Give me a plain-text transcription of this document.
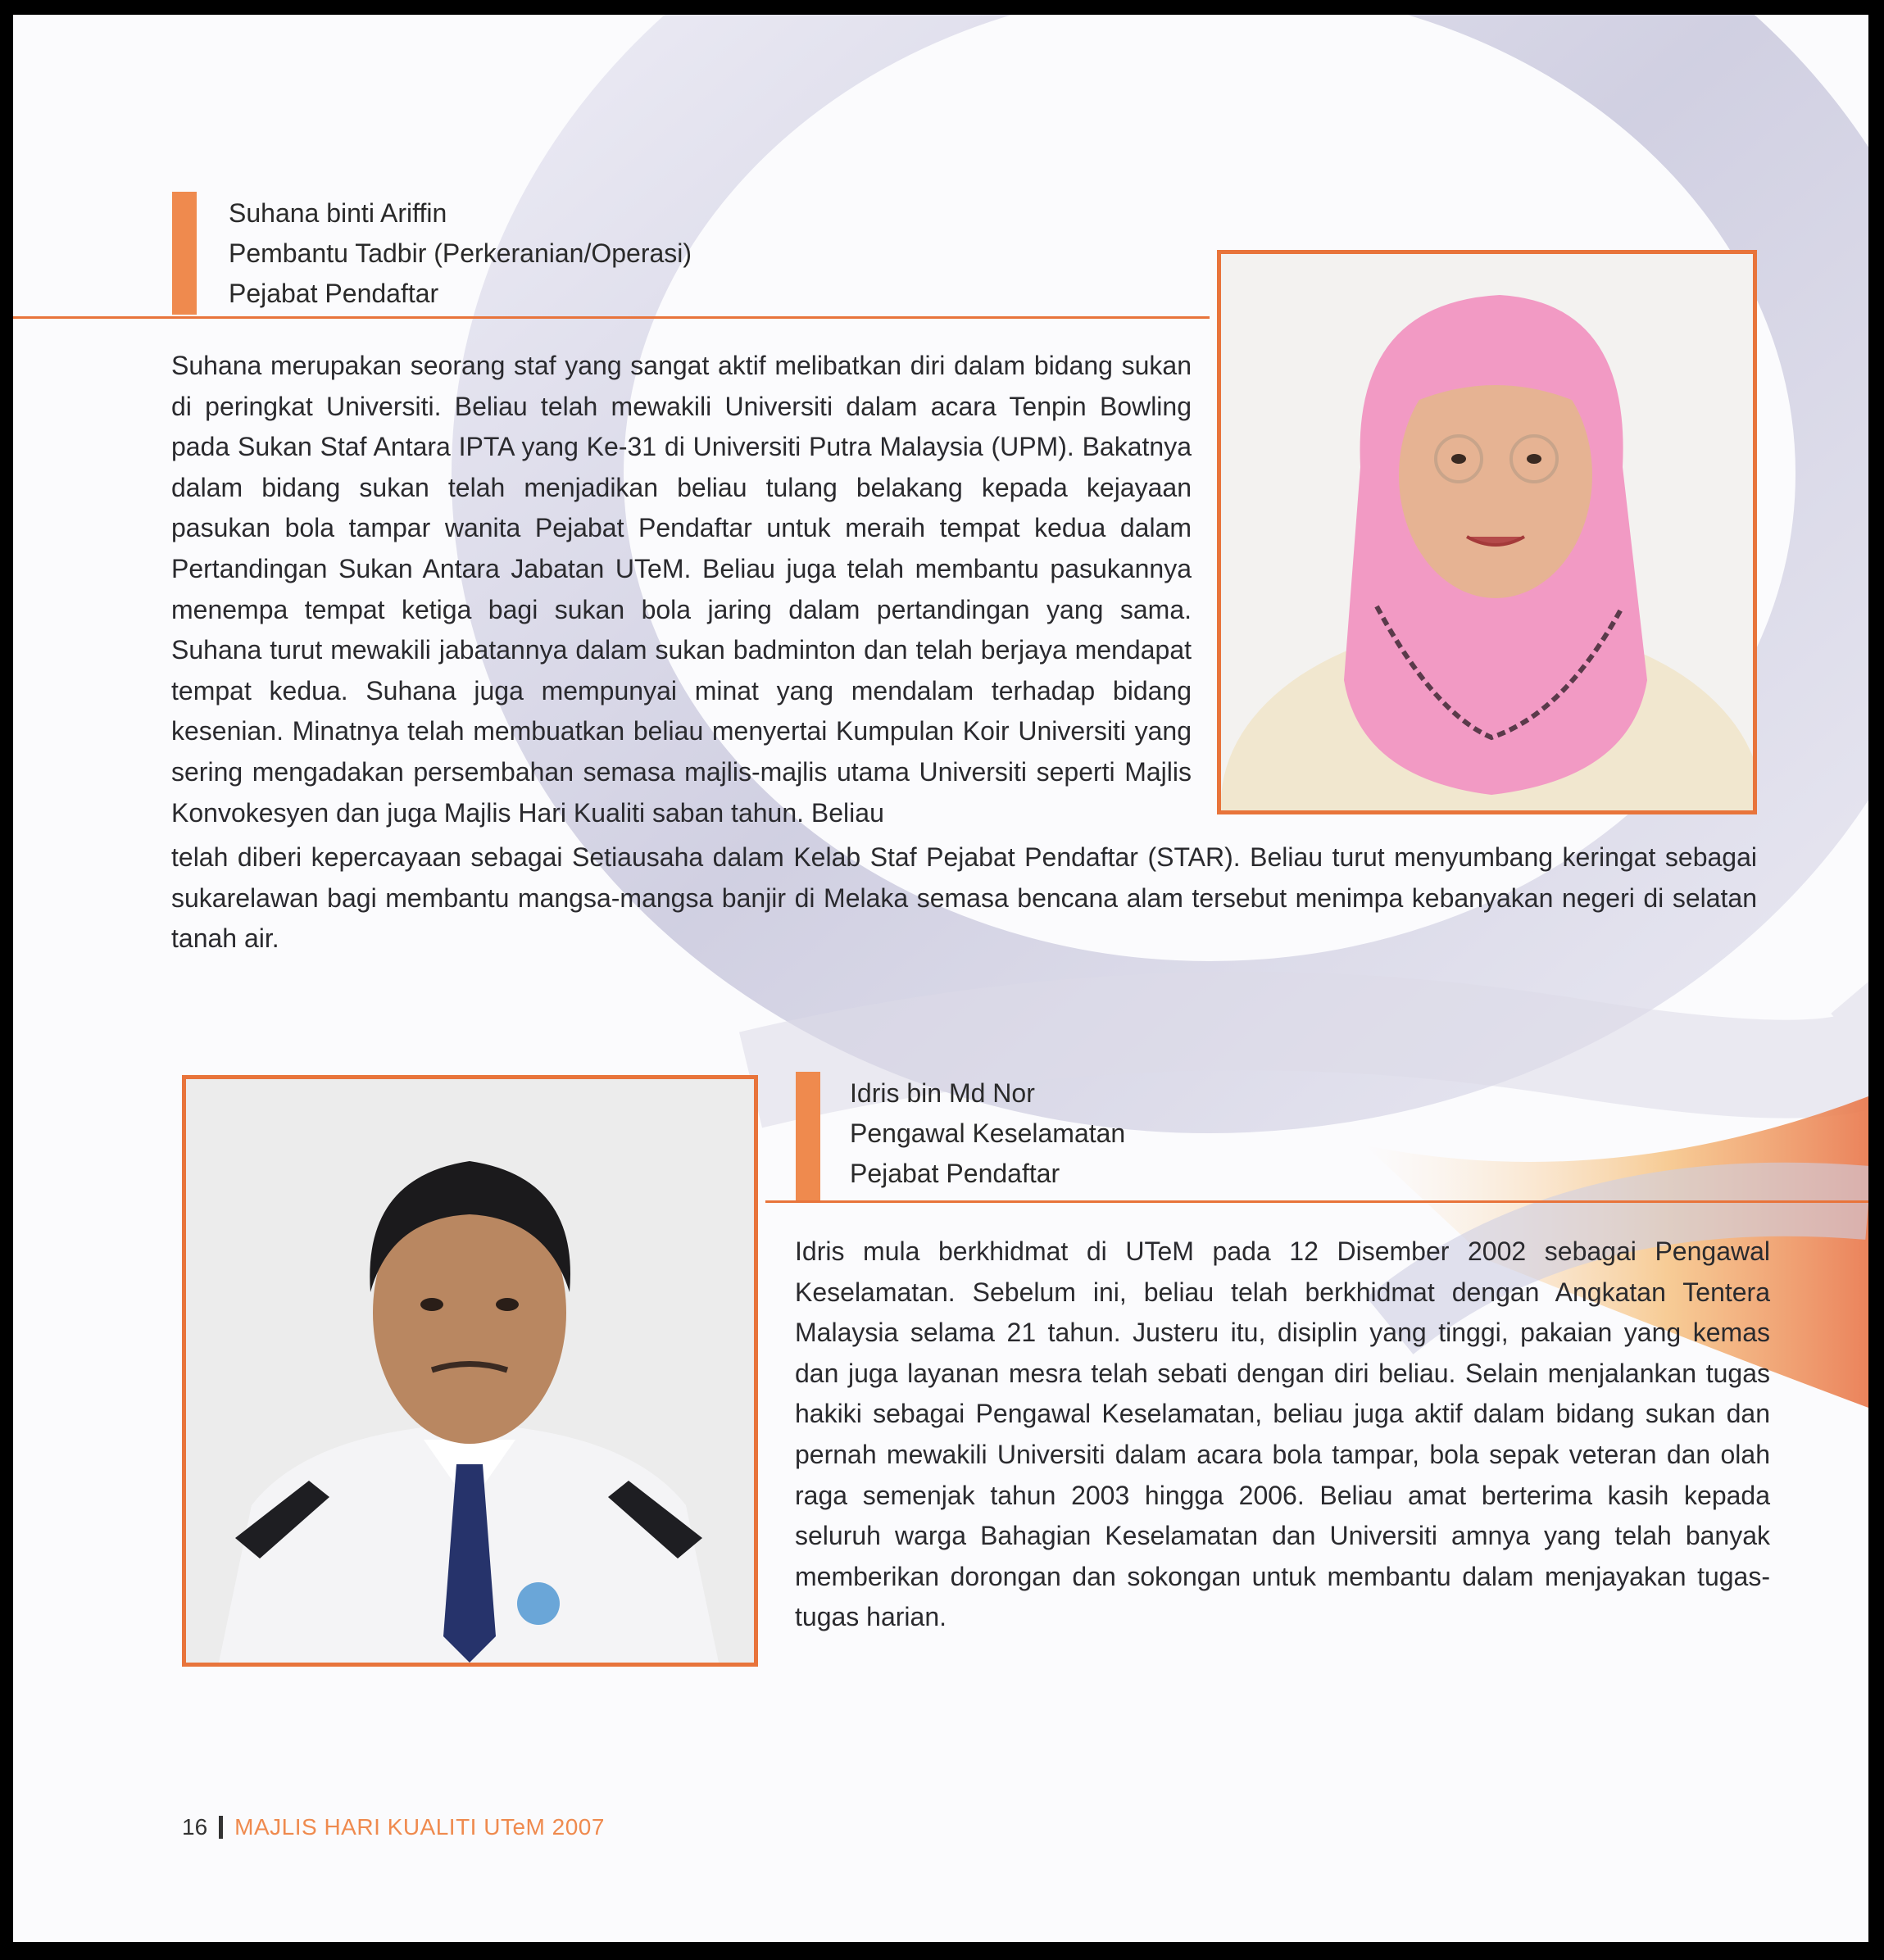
Suhana binti Ariffin
Pembantu Tadbir (Perkeranian/Operasi)
Pejabat Pendaftar
Suhana merupakan seorang staf yang sangat aktif melibatkan diri dalam bidang sukan di peringkat Universiti. Beliau telah mewakili Universiti dalam acara Tenpin Bowling pada Sukan Staf Antara IPTA yang Ke-31 di Universiti Putra Malaysia (UPM). Bakatnya dalam bidang sukan telah menjadikan beliau tulang belakang kepada kejayaan pasukan bola tampar wanita Pejabat Pendaftar untuk meraih tempat kedua dalam Pertandingan Sukan Antara Jabatan UTeM. Beliau juga telah membantu pasukannya menempa tempat ketiga bagi sukan bola jaring dalam pertandingan yang sama. Suhana turut mewakili jabatannya dalam sukan badminton dan telah berjaya mendapat tempat kedua. Suhana juga mempunyai minat yang mendalam terhadap bidang kesenian. Minatnya telah membuatkan beliau menyertai Kumpulan Koir Universiti yang sering mengadakan persembahan semasa majlis-majlis utama Universiti seperti Majlis Konvokesyen dan juga Majlis Hari Kualiti saban tahun. Beliau
telah diberi kepercayaan sebagai Setiausaha dalam Kelab Staf Pejabat Pendaftar (STAR). Beliau turut menyumbang keringat sebagai sukarelawan bagi membantu mangsa-mangsa banjir di Melaka semasa bencana alam tersebut menimpa kebanyakan negeri di selatan tanah air.
Idris bin Md Nor
Pengawal Keselamatan
Pejabat Pendaftar
Idris mula berkhidmat di UTeM pada 12 Disember 2002 sebagai Pengawal Keselamatan. Sebelum ini, beliau telah berkhidmat dengan Angkatan Tentera Malaysia selama 21 tahun. Justeru itu, disiplin yang tinggi, pakaian yang kemas dan juga layanan mesra telah sebati dengan diri beliau. Selain menjalankan tugas hakiki sebagai Pengawal Keselamatan, beliau juga aktif dalam bidang sukan dan pernah mewakili Universiti dalam acara bola tampar, bola sepak veteran dan olah raga semenjak tahun 2003 hingga 2006. Beliau amat berterima kasih kepada seluruh warga Bahagian Keselamatan dan Universiti amnya yang telah banyak memberikan dorongan dan sokongan untuk membantu dalam menjayakan tugas-tugas harian.
16 MAJLIS HARI KUALITI UTeM 2007
